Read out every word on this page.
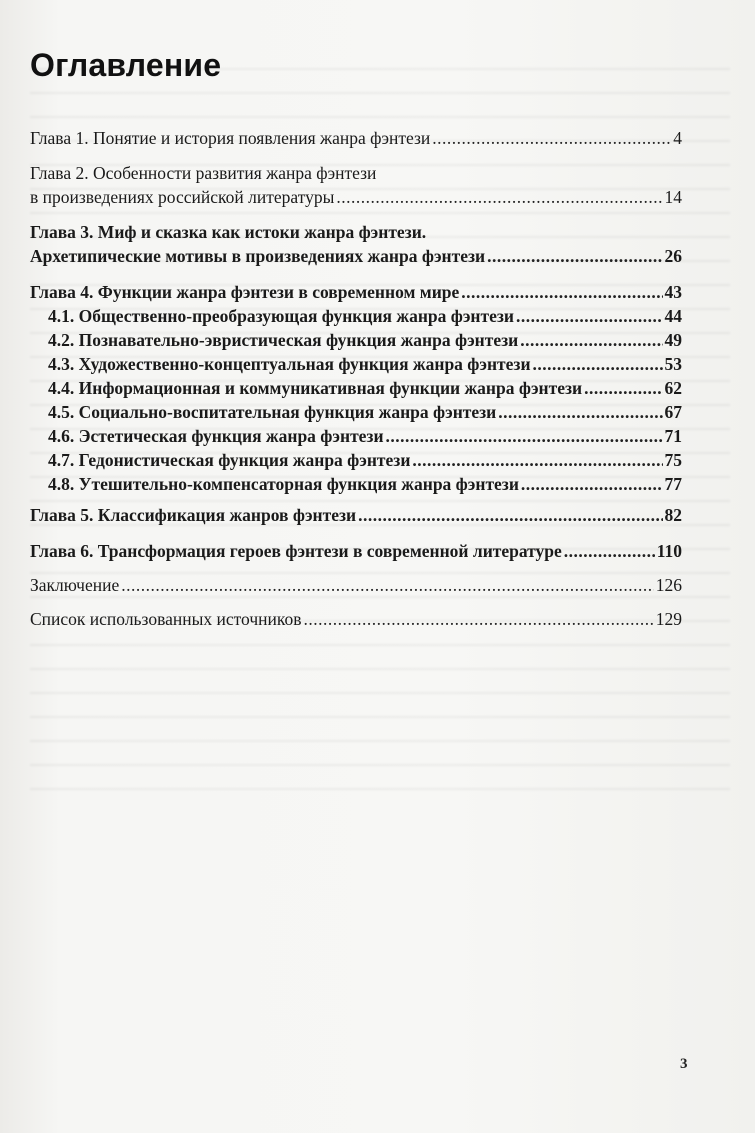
Оглавление
Глава 1. Понятие и история появления жанра фэнтези .....	4
Глава 2. Особенности развития жанра фэнтези
в произведениях российской литературы .....	14
Глава 3. Миф и сказка как истоки жанра фэнтези.
Архетипические мотивы в произведениях жанра фэнтези .....	26
Глава 4. Функции жанра фэнтези в современном мире .....	43
4.1. Общественно-преобразующая функция жанра фэнтези .....	44
4.2. Познавательно-эвристическая функция жанра фэнтези .....	49
4.3. Художественно-концептуальная функция жанра фэнтези .....	53
4.4. Информационная и коммуникативная функции жанра фэнтези .....	62
4.5. Социально-воспитательная функция жанра фэнтези .....	67
4.6. Эстетическая функция жанра фэнтези .....	71
4.7. Гедонистическая функция жанра фэнтези .....	75
4.8. Утешительно-компенсаторная функция жанра фэнтези .....	77
Глава 5. Классификация жанров фэнтези .....	82
Глава 6. Трансформация героев фэнтези в современной литературе .....	110
Заключение .....	126
Список использованных источников .....	129
3
